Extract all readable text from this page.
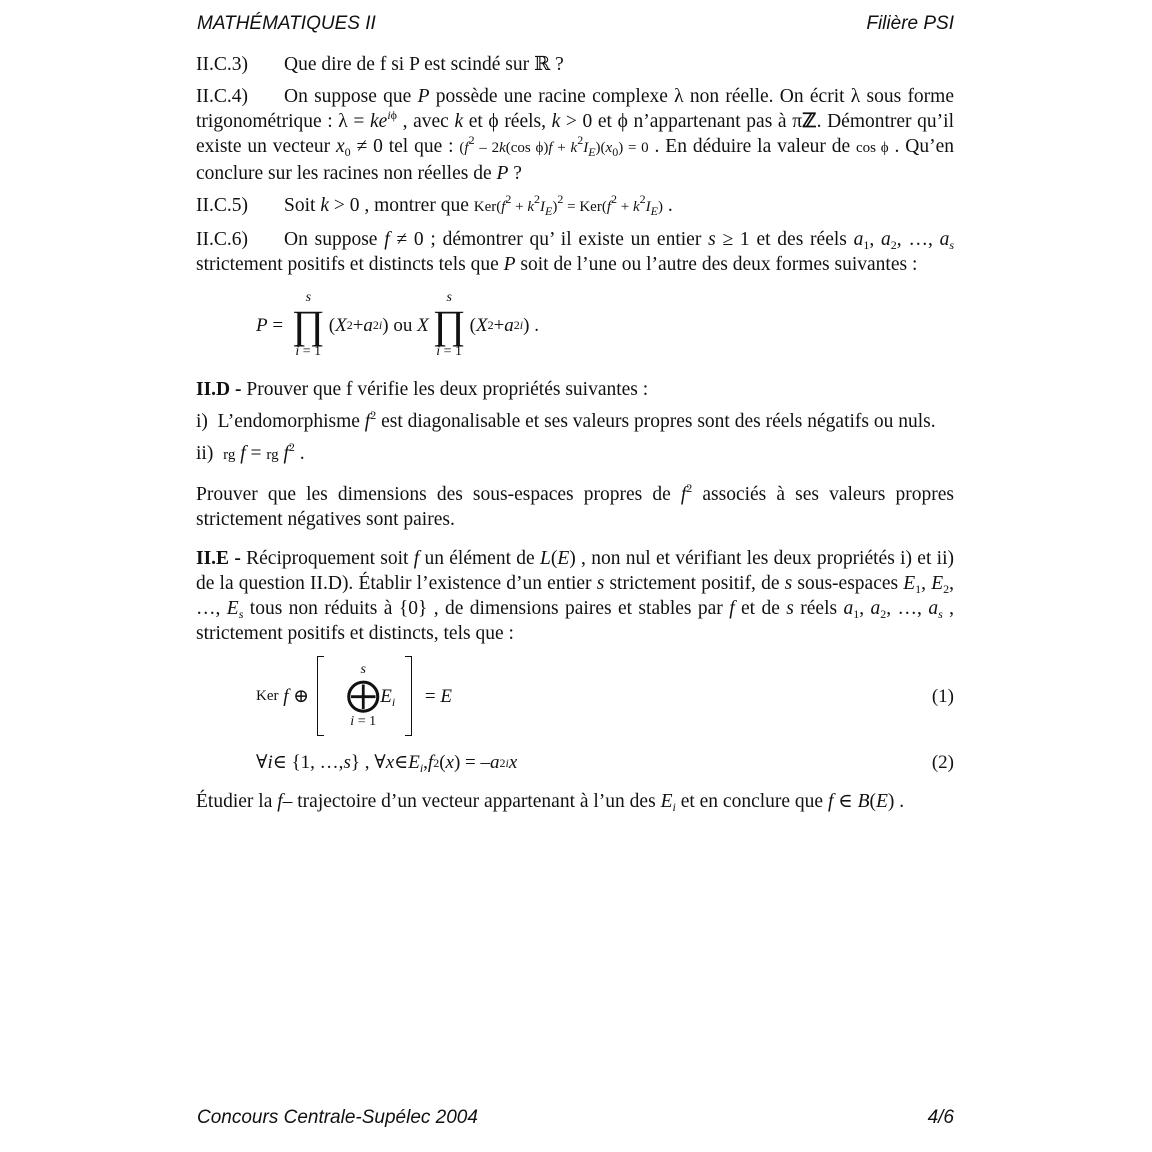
MATHÉMATIQUES II	Filière PSI

II.C.3) Que dire de f si P est scindé sur ℝ ?

II.C.4) On suppose que P possède une racine complexe λ non réelle. On écrit λ sous forme trigonométrique : $\lambda = ke^{i\phi}$ , avec k et ϕ réels, k > 0 et ϕ n’appartenant pas à πℤ. Démontrer qu’il existe un vecteur $x_0 \ne 0$ tel que : ($f^2 - 2k(\cos$ $\phi)f + k^2I_E)(x_0) = 0$ . En déduire la valeur de cos ϕ . Qu’en conclure sur les racines non réelles de P ?

II.C.5) Soit k > 0 , montrer que $Ker(f^2 + k^2I_E)^2 = Ker(f^2 + k^2I_E)$ .

II.C.6) On suppose f ≠ 0 ; démontrer qu’ il existe un entier s ≥ 1 et des réels $a_1$, $a_2$, …, $a_s$ strictement positifs et distincts tels que P soit de l’une ou l’autre des deux formes suivantes :

P =
s
∏
i = 1
( X 2 + a 2 i ) ou
X
s
∏
i = 1
( X 2 + a 2 i ) .

II.D - Prouver que f vérifie les deux propriétés suivantes :

i)  L’endomorphisme $f^2$ est diagonalisable et ses valeurs propres sont des réels négatifs ou nuls.

ii)  rg f = rg $f^2$ .

Prouver que les dimensions des sous-espaces propres de $f^2$ associés à ses valeurs propres strictement négatives sont paires.

II.E - Réciproquement soit f un élément de L(E) , non nul et vérifiant les deux propriétés i) et ii) de la question II.D). Établir l’existence d’un entier s strictement positif, de s sous-espaces $E_1$, $E_2$, …, $E_s$ tous non réduits à {0} , de dimensions paires et stables par f et de s réels $a_1$, $a_2$, …, $a_s$ , strictement positifs et distincts, tels que :

Ker
f ⊕
s
⨁
i = 1
$E_i = E$	(1)
∀ i ∈ {1, …, s } , ∀ x ∈ $E_i$ , f 2 ( x ) = – a 2 i x	(2)

Étudier la f– trajectoire d’un vecteur appartenant à l’un des $E_i$ et en conclure que f ∈ B(E) .

Concours Centrale-Supélec 2004	4/6
